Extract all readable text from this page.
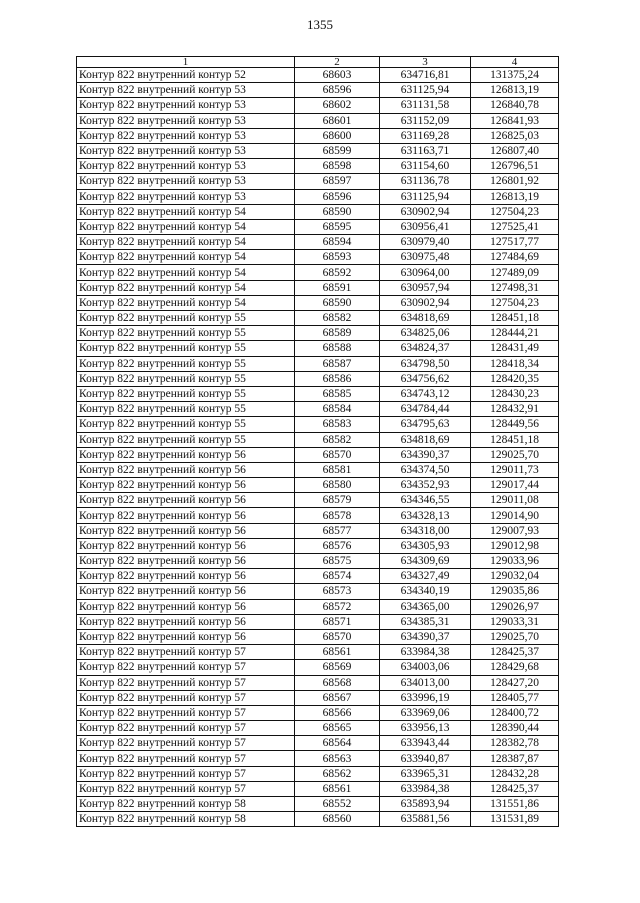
1355
1	2	3	4
Контур 822 внутренний контур 52	68603	634716,81	131375,24
Контур 822 внутренний контур 53	68596	631125,94	126813,19
Контур 822 внутренний контур 53	68602	631131,58	126840,78
Контур 822 внутренний контур 53	68601	631152,09	126841,93
Контур 822 внутренний контур 53	68600	631169,28	126825,03
Контур 822 внутренний контур 53	68599	631163,71	126807,40
Контур 822 внутренний контур 53	68598	631154,60	126796,51
Контур 822 внутренний контур 53	68597	631136,78	126801,92
Контур 822 внутренний контур 53	68596	631125,94	126813,19
Контур 822 внутренний контур 54	68590	630902,94	127504,23
Контур 822 внутренний контур 54	68595	630956,41	127525,41
Контур 822 внутренний контур 54	68594	630979,40	127517,77
Контур 822 внутренний контур 54	68593	630975,48	127484,69
Контур 822 внутренний контур 54	68592	630964,00	127489,09
Контур 822 внутренний контур 54	68591	630957,94	127498,31
Контур 822 внутренний контур 54	68590	630902,94	127504,23
Контур 822 внутренний контур 55	68582	634818,69	128451,18
Контур 822 внутренний контур 55	68589	634825,06	128444,21
Контур 822 внутренний контур 55	68588	634824,37	128431,49
Контур 822 внутренний контур 55	68587	634798,50	128418,34
Контур 822 внутренний контур 55	68586	634756,62	128420,35
Контур 822 внутренний контур 55	68585	634743,12	128430,23
Контур 822 внутренний контур 55	68584	634784,44	128432,91
Контур 822 внутренний контур 55	68583	634795,63	128449,56
Контур 822 внутренний контур 55	68582	634818,69	128451,18
Контур 822 внутренний контур 56	68570	634390,37	129025,70
Контур 822 внутренний контур 56	68581	634374,50	129011,73
Контур 822 внутренний контур 56	68580	634352,93	129017,44
Контур 822 внутренний контур 56	68579	634346,55	129011,08
Контур 822 внутренний контур 56	68578	634328,13	129014,90
Контур 822 внутренний контур 56	68577	634318,00	129007,93
Контур 822 внутренний контур 56	68576	634305,93	129012,98
Контур 822 внутренний контур 56	68575	634309,69	129033,96
Контур 822 внутренний контур 56	68574	634327,49	129032,04
Контур 822 внутренний контур 56	68573	634340,19	129035,86
Контур 822 внутренний контур 56	68572	634365,00	129026,97
Контур 822 внутренний контур 56	68571	634385,31	129033,31
Контур 822 внутренний контур 56	68570	634390,37	129025,70
Контур 822 внутренний контур 57	68561	633984,38	128425,37
Контур 822 внутренний контур 57	68569	634003,06	128429,68
Контур 822 внутренний контур 57	68568	634013,00	128427,20
Контур 822 внутренний контур 57	68567	633996,19	128405,77
Контур 822 внутренний контур 57	68566	633969,06	128400,72
Контур 822 внутренний контур 57	68565	633956,13	128390,44
Контур 822 внутренний контур 57	68564	633943,44	128382,78
Контур 822 внутренний контур 57	68563	633940,87	128387,87
Контур 822 внутренний контур 57	68562	633965,31	128432,28
Контур 822 внутренний контур 57	68561	633984,38	128425,37
Контур 822 внутренний контур 58	68552	635893,94	131551,86
Контур 822 внутренний контур 58	68560	635881,56	131531,89
